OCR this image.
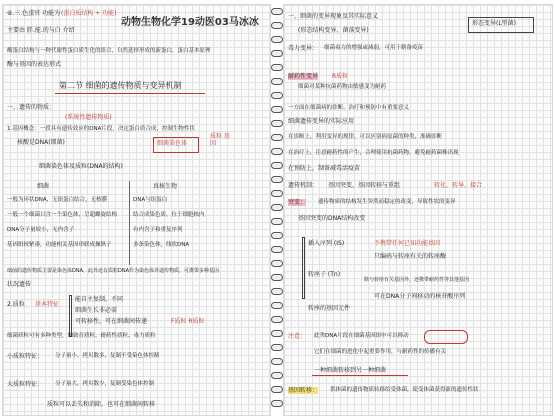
⑥.三.色蛋官 功能为 (蛋白质结构 + 功能)
动物生物化学19动医03马冰冰
主要由 胖.能.的与白 介绍
酶蛋白结构与一种代谢性蛋白质生化的组合，自然选择形成的新蛋白，蛋白基本原理
酶与基因的表达形式
第二节 细菌的遗传物质与变异机制
一、遗传的物质：
(系统性遗传物质)
1.基因概念：一段具有遗传效应的DNA片段，决定蛋白质合成，控制生物性状
核酸是DNA(细菌)	细菌染色体
质粒 基因
细菌染色体及质粒(DNA的结构)
细菌	真核生物
一般为环状DNA，无组蛋白结合，无核膜	DNA与组蛋白
一般一个细菌只含一个染色体，呈超螺旋结构	结合成染色质，位于细胞核内
DNA分子量较小，无内含子	有内含子和重复序列
基因组较紧凑，功能相关基因串联成操纵子	多条染色体，线状DNA
细菌的遗传物质主要是染色体DNA，此外还有质粒DNA作为染色体外遗传物质，可携带多种基因
状况遗传
2.质粒 基本特征
能自主复制，不同
细菌生长非必需
可转移性，可在细菌间传递	F质粒 R质粒
细菌质粒可有多种类型，如致育质粒、耐药性质粒、毒力质粒
小质粒特征： 分子量小，拷贝数多，复制不受染色体控制
大质粒特征： 分子量大，拷贝数少，复制受染色体控制
质粒可以丢失和消除，也可在细菌间转移
一、细菌的变异现象及其实际意义
(形态结构变异、菌落变异)
毒力变异： 细菌毒力的增强或减弱，可用于制备疫苗
耐药性变异 R质粒
细菌对某种抗菌药物由敏感变为耐药
形态变异(L型菌)
一方面在细菌病的诊断、治疗和预防中有重要意义
细菌遗传变异的实际应用
在诊断上，利用变异的规律，可以区别病原菌的种类，准确诊断
在治疗上，注意耐药性的产生，合理使用抗菌药物，避免耐药菌株出现
在预防上，制备减毒活疫苗
遗传机制： 基因突变、基因转移与重组	转化、转导、接合
突变： 遗传物质的结构发生突然而稳定的改变，导致性状的变异
基因突变的DNA结构改变
插入序列 (IS)	不携带任何已知功能基因
只编码与转座有关的转座酶
转座子 (Tn)
除与转座有关基因外，还携带耐药性等其他基因
可在DNA分子间移动的核苷酸序列
转座的基因元件
注意： 此类DNA片段在细菌基因组中可以移动
它们在细菌的进化中起重要作用，与耐药性的传播有关
一种细菌转移到另一种细菌
基因转移： 供体菌的遗传物质转移给受体菌，使受体菌获得新的遗传性状
